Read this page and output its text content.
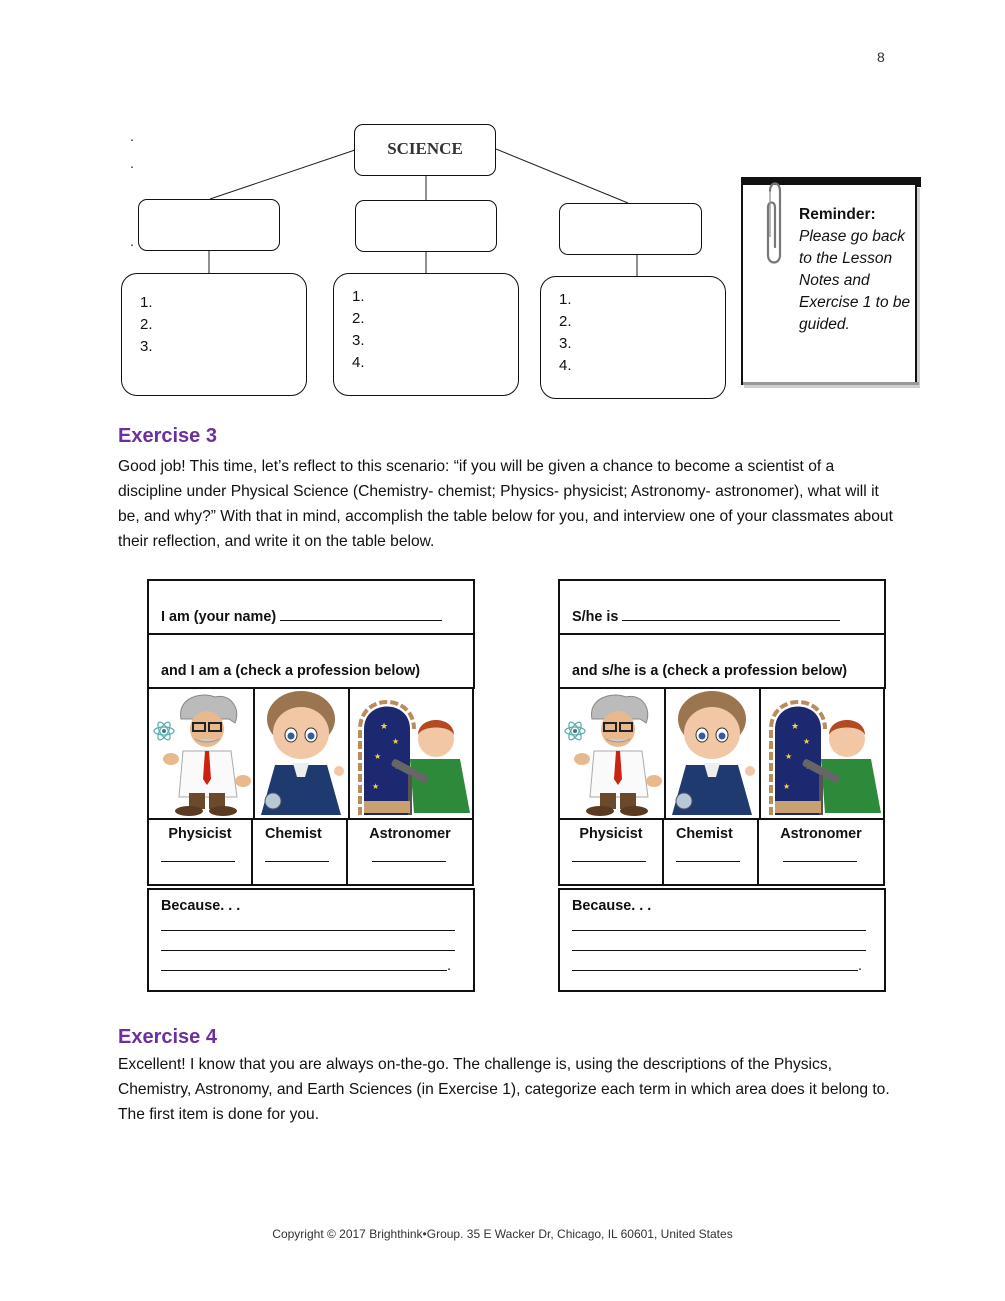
8
.
.
.
SCIENCE
1.
2.
3.
1.
2.
3.
4.
1.
2.
3.
4.
Reminder:
Please go back to the Lesson Notes and Exercise 1 to be guided.
Exercise 3
Good job! This time, let’s reflect to this scenario: “if you will be given a chance to become a scientist of a discipline under Physical Science (Chemistry- chemist; Physics- physicist; Astronomy- astronomer), what will it be, and why?” With that in mind, accomplish the table below for you, and interview one of your classmates about their reflection, and write it on the table below.
I am (your name)
and I am a (check a profession below)
★
★
★
★
Physicist	Chemist	Astronomer
Because. . .
.
S/he is
and s/he is a (check a profession below)
★
★
★
★
Physicist	Chemist	Astronomer
Because. . .
.
Exercise 4
Excellent! I know that you are always on-the-go. The challenge is, using the descriptions of the Physics, Chemistry, Astronomy, and Earth Sciences (in Exercise 1), categorize each term in which area does it belong to. The first item is done for you.
Copyright © 2017 Brighthink•Group. 35 E Wacker Dr, Chicago, IL 60601, United States
